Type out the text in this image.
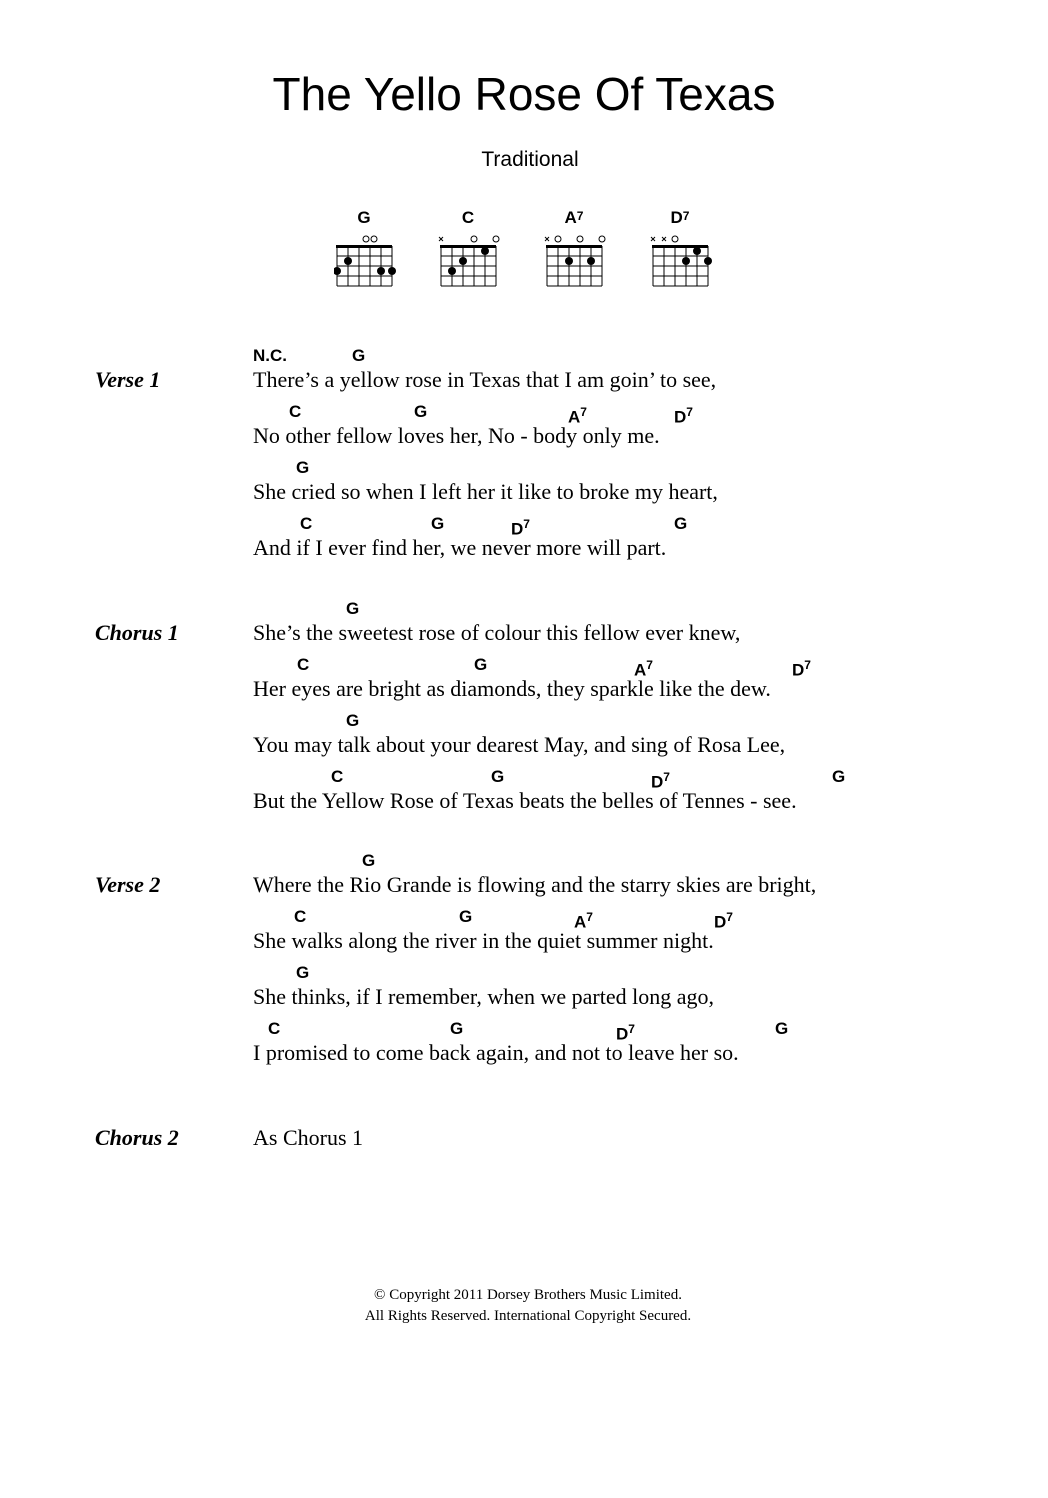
The Yello Rose Of Texas
Traditional
G	C	$A^7$	$D^7$
Verse 1
N.C.	G
There’s a yellow rose in Texas that I am goin’ to see,
C	G	$A^7$	$D^7$
No other fellow loves her, No - body only me.
G
She cried so when I left her it like to broke my heart,
C	G	$D^7$	G
And if I ever find her, we never more will part.
Chorus 1
G
She’s the sweetest rose of colour this fellow ever knew,
C	G	$A^7$	$D^7$
Her eyes are bright as diamonds, they sparkle like the dew.
G
You may talk about your dearest May, and sing of Rosa Lee,
C	G	$D^7$	G
But the Yellow Rose of Texas beats the belles of Tennes - see.
Verse 2
G
Where the Rio Grande is flowing and the starry skies are bright,
C	G	$A^7$	$D^7$
She walks along the river in the quiet summer night.
G
She thinks, if I remember, when we parted long ago,
C	G	$D^7$	G
I promised to come back again, and not to leave her so.
Chorus 2	As Chorus 1
© Copyright 2011 Dorsey Brothers Music Limited.
All Rights Reserved. International Copyright Secured.
